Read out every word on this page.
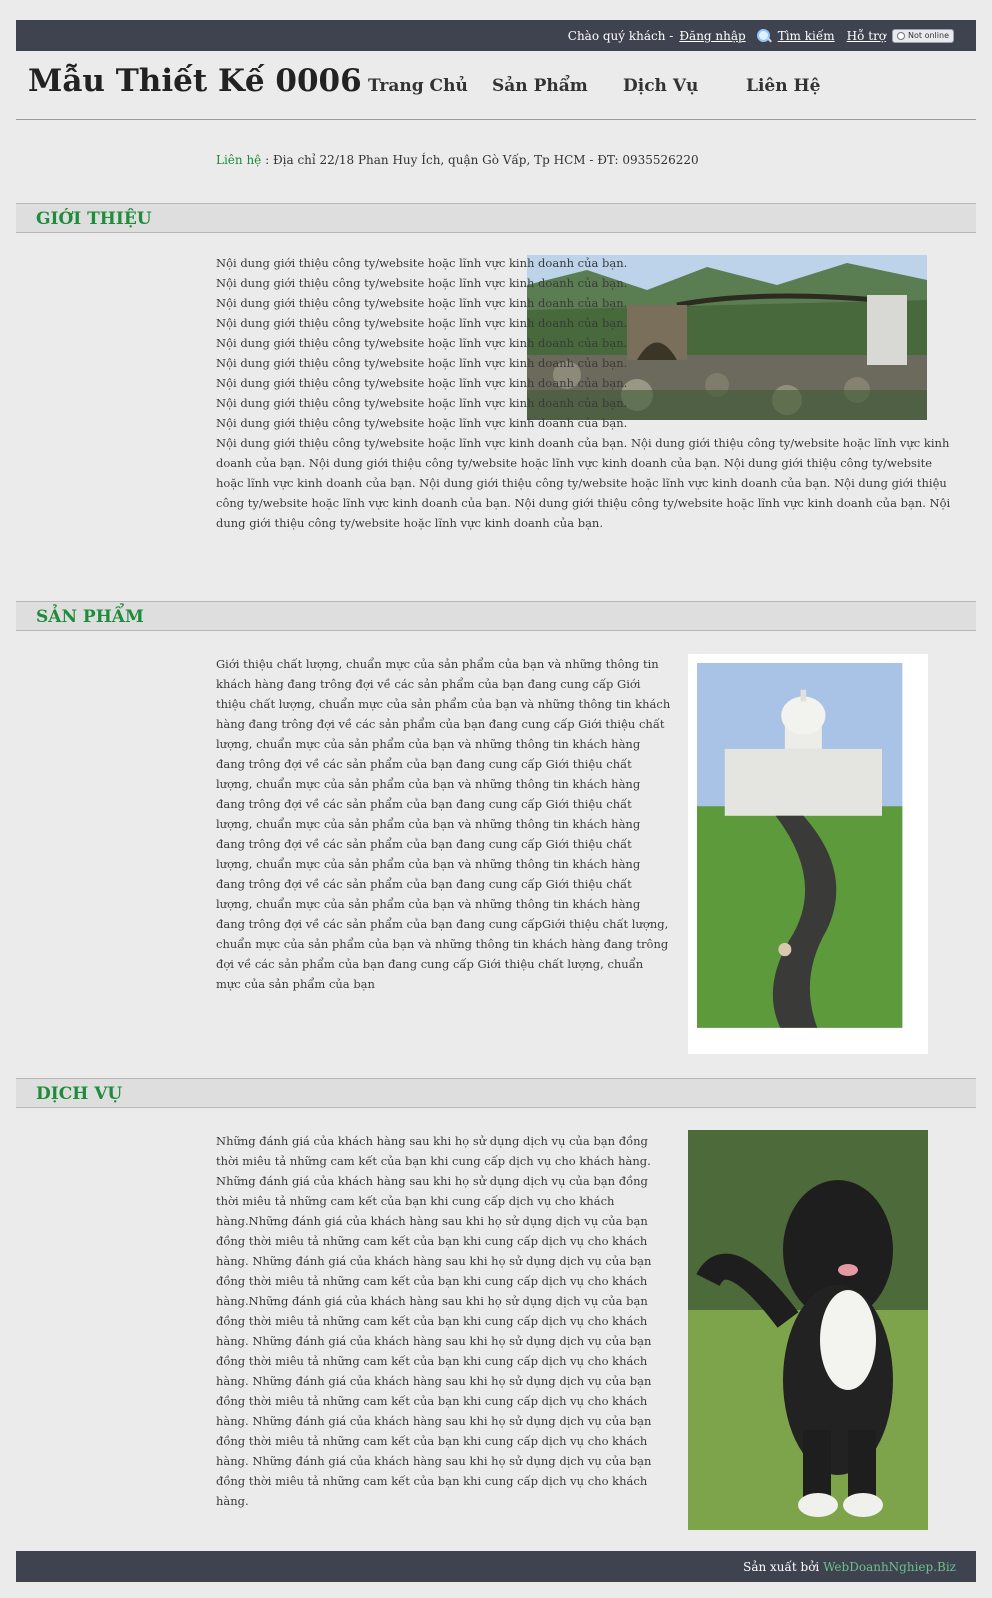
Chào quý khách - Đăng nhập	Tìm kiếm Hỗ trợ	Not online
Mẫu Thiết Kế 0006 Trang Chủ Sản Phẩm Dịch Vụ	Liên Hệ
Liên hệ : Địa chỉ 22/18 Phan Huy Ích, quận Gò Vấp, Tp HCM - ĐT: 0935526220
GIỚI THIỆU

Nội dung giới thiệu công ty/website hoặc lĩnh vực kinh doanh của bạn. Nội dung giới thiệu công ty/website hoặc lĩnh vực kinh doanh của bạn. Nội dung giới thiệu công ty/website hoặc lĩnh vực kinh doanh của bạn. Nội dung giới thiệu công ty/website hoặc lĩnh vực kinh doanh của bạn. Nội dung giới thiệu công ty/website hoặc lĩnh vực kinh doanh của bạn. Nội dung giới thiệu công ty/website hoặc lĩnh vực kinh doanh của bạn. Nội dung giới thiệu công ty/website hoặc lĩnh vực kinh doanh của bạn. Nội dung giới thiệu công ty/website hoặc lĩnh vực kinh doanh của bạn. Nội dung giới thiệu công ty/website hoặc lĩnh vực kinh doanh của bạn. Nội dung giới thiệu công ty/website hoặc lĩnh vực kinh doanh của bạn. Nội dung giới thiệu công ty/website hoặc lĩnh vực kinh doanh của bạn. Nội dung giới thiệu công ty/website hoặc lĩnh vực kinh doanh của bạn. Nội dung giới thiệu công ty/website hoặc lĩnh vực kinh doanh của bạn. Nội dung giới thiệu công ty/website hoặc lĩnh vực kinh doanh của bạn. Nội dung giới thiệu công ty/website hoặc lĩnh vực kinh doanh của bạn. Nội dung giới thiệu công ty/website hoặc lĩnh vực kinh doanh của bạn. Nội dung giới thiệu công ty/website hoặc lĩnh vực kinh doanh của bạn.

SẢN PHẨM

Giới thiệu chất lượng, chuẩn mực của sản phẩm của bạn và những thông tin khách hàng đang trông đợi về các sản phẩm của bạn đang cung cấp Giới thiệu chất lượng, chuẩn mực của sản phẩm của bạn và những thông tin khách hàng đang trông đợi về các sản phẩm của bạn đang cung cấp Giới thiệu chất lượng, chuẩn mực của sản phẩm của bạn và những thông tin khách hàng đang trông đợi về các sản phẩm của bạn đang cung cấp Giới thiệu chất lượng, chuẩn mực của sản phẩm của bạn và những thông tin khách hàng đang trông đợi về các sản phẩm của bạn đang cung cấp Giới thiệu chất lượng, chuẩn mực của sản phẩm của bạn và những thông tin khách hàng đang trông đợi về các sản phẩm của bạn đang cung cấp Giới thiệu chất lượng, chuẩn mực của sản phẩm của bạn và những thông tin khách hàng đang trông đợi về các sản phẩm của bạn đang cung cấp Giới thiệu chất lượng, chuẩn mực của sản phẩm của bạn và những thông tin khách hàng đang trông đợi về các sản phẩm của bạn đang cung cấpGiới thiệu chất lượng, chuẩn mực của sản phẩm của bạn và những thông tin khách hàng đang trông đợi về các sản phẩm của bạn đang cung cấp Giới thiệu chất lượng, chuẩn mực của sản phẩm của bạn

DỊCH VỤ

Những đánh giá của khách hàng sau khi họ sử dụng dịch vụ của bạn đồng thời miêu tả những cam kết của bạn khi cung cấp dịch vụ cho khách hàng. Những đánh giá của khách hàng sau khi họ sử dụng dịch vụ của bạn đồng thời miêu tả những cam kết của bạn khi cung cấp dịch vụ cho khách hàng.Những đánh giá của khách hàng sau khi họ sử dụng dịch vụ của bạn đồng thời miêu tả những cam kết của bạn khi cung cấp dịch vụ cho khách hàng. Những đánh giá của khách hàng sau khi họ sử dụng dịch vụ của bạn đồng thời miêu tả những cam kết của bạn khi cung cấp dịch vụ cho khách hàng.Những đánh giá của khách hàng sau khi họ sử dụng dịch vụ của bạn đồng thời miêu tả những cam kết của bạn khi cung cấp dịch vụ cho khách hàng. Những đánh giá của khách hàng sau khi họ sử dụng dịch vụ của bạn đồng thời miêu tả những cam kết của bạn khi cung cấp dịch vụ cho khách hàng. Những đánh giá của khách hàng sau khi họ sử dụng dịch vụ của bạn đồng thời miêu tả những cam kết của bạn khi cung cấp dịch vụ cho khách hàng. Những đánh giá của khách hàng sau khi họ sử dụng dịch vụ của bạn đồng thời miêu tả những cam kết của bạn khi cung cấp dịch vụ cho khách hàng. Những đánh giá của khách hàng sau khi họ sử dụng dịch vụ của bạn đồng thời miêu tả những cam kết của bạn khi cung cấp dịch vụ cho khách hàng.

Sản xuất bởi WebDoanhNghiep.Biz
